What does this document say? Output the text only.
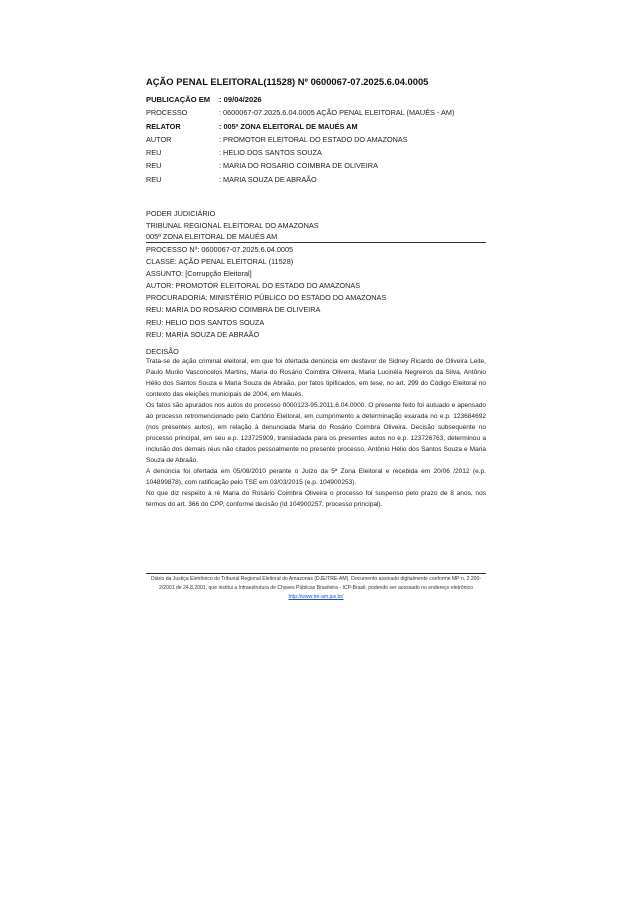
AÇÃO PENAL ELEITORAL(11528) Nº 0600067-07.2025.6.04.0005
PUBLICAÇÃO EM : 09/04/2026
PROCESSO	: 0600067-07.2025.6.04.0005 AÇÃO PENAL ELEITORAL (MAUÉS - AM)
RELATOR	: 005ª ZONA ELEITORAL DE MAUÉS AM
AUTOR	: PROMOTOR ELEITORAL DO ESTADO DO AMAZONAS
REU	: HELIO DOS SANTOS SOUZA
REU	: MARIA DO ROSARIO COIMBRA DE OLIVEIRA
REU	: MARIA SOUZA DE ABRAÃO
PODER JUDICIÁRIO
TRIBUNAL REGIONAL ELEITORAL DO AMAZONAS
005ª ZONA ELEITORAL DE MAUÉS AM
PROCESSO Nº: 0600067-07.2025.6.04.0005
CLASSE: AÇÃO PENAL ELEITORAL (11528)
ASSUNTO: [Corrupção Eleitoral]
AUTOR: PROMOTOR ELEITORAL DO ESTADO DO AMAZONAS
PROCURADORIA: MINISTÉRIO PÚBLICO DO ESTADO DO AMAZONAS
REU: MARIA DO ROSARIO COIMBRA DE OLIVEIRA
REU: HELIO DOS SANTOS SOUZA
REU: MARIA SOUZA DE ABRAÃO
DECISÃO

Trata-se de ação criminal eleitoral, em que foi ofertada denúncia em desfavor de Sidney Ricardo de Oliveira Leite, Paulo Murilo Vasconcelos Martins, Maria do Rosário Coimbra Oliveira, Maria Lucinéia Negreiros da Silva, Antônio Hélio dos Santos Souza e Maria Souza de Abraão, por fatos tipificados, em tese, no art. 299 do Código Eleitoral no contexto das eleições municipais de 2004, em Maués.

Os fatos são apurados nos autos do processo 0000123-95.2011.6.04.0000. O presente feito foi autuado e apensado ao processo retromencionado pelo Cartório Eleitoral, em cumprimento a determinação exarada no e.p. 123684692 (nos presentes autos), em relação à denunciada Maria do Rosário Coimbra Oliveira. Decisão subsequente no processo principal, em seu e.p. 123725909, transladada para os presentes autos no e.p. 123726763, determinou a inclusão dos demais réus não citados pessoalmente no presente processo, Antônio Hélio dos Santos Souza e Maria Souza de Abraão.

A denúncia foi ofertada em 05/08/2010 perante o Juízo da 5ª Zona Eleitoral e recebida em 20/06 /2012 (e.p. 104899878), com ratificação pelo TSE em 03/03/2015 (e.p. 104900253).

No que diz respeito à ré Maria do Rosário Coimbra Oliveira o processo foi suspenso pelo prazo de 8 anos, nos termos do art. 366 do CPP, conforme decisão (Id 104900257, processo principal).

Diário da Justiça Eletrônico do Tribunal Regional Eleitoral do Amazonas (DJE/TRE-AM). Documento assinado digitalmente conforme MP n. 2.200-2/2001 de 24.8.2001, que institui a Infraestrutura de Chaves Públicas Brasileira - ICP-Brasil, podendo ser acessado no endereço eletrônico http://www.tre-am.jus.br/
